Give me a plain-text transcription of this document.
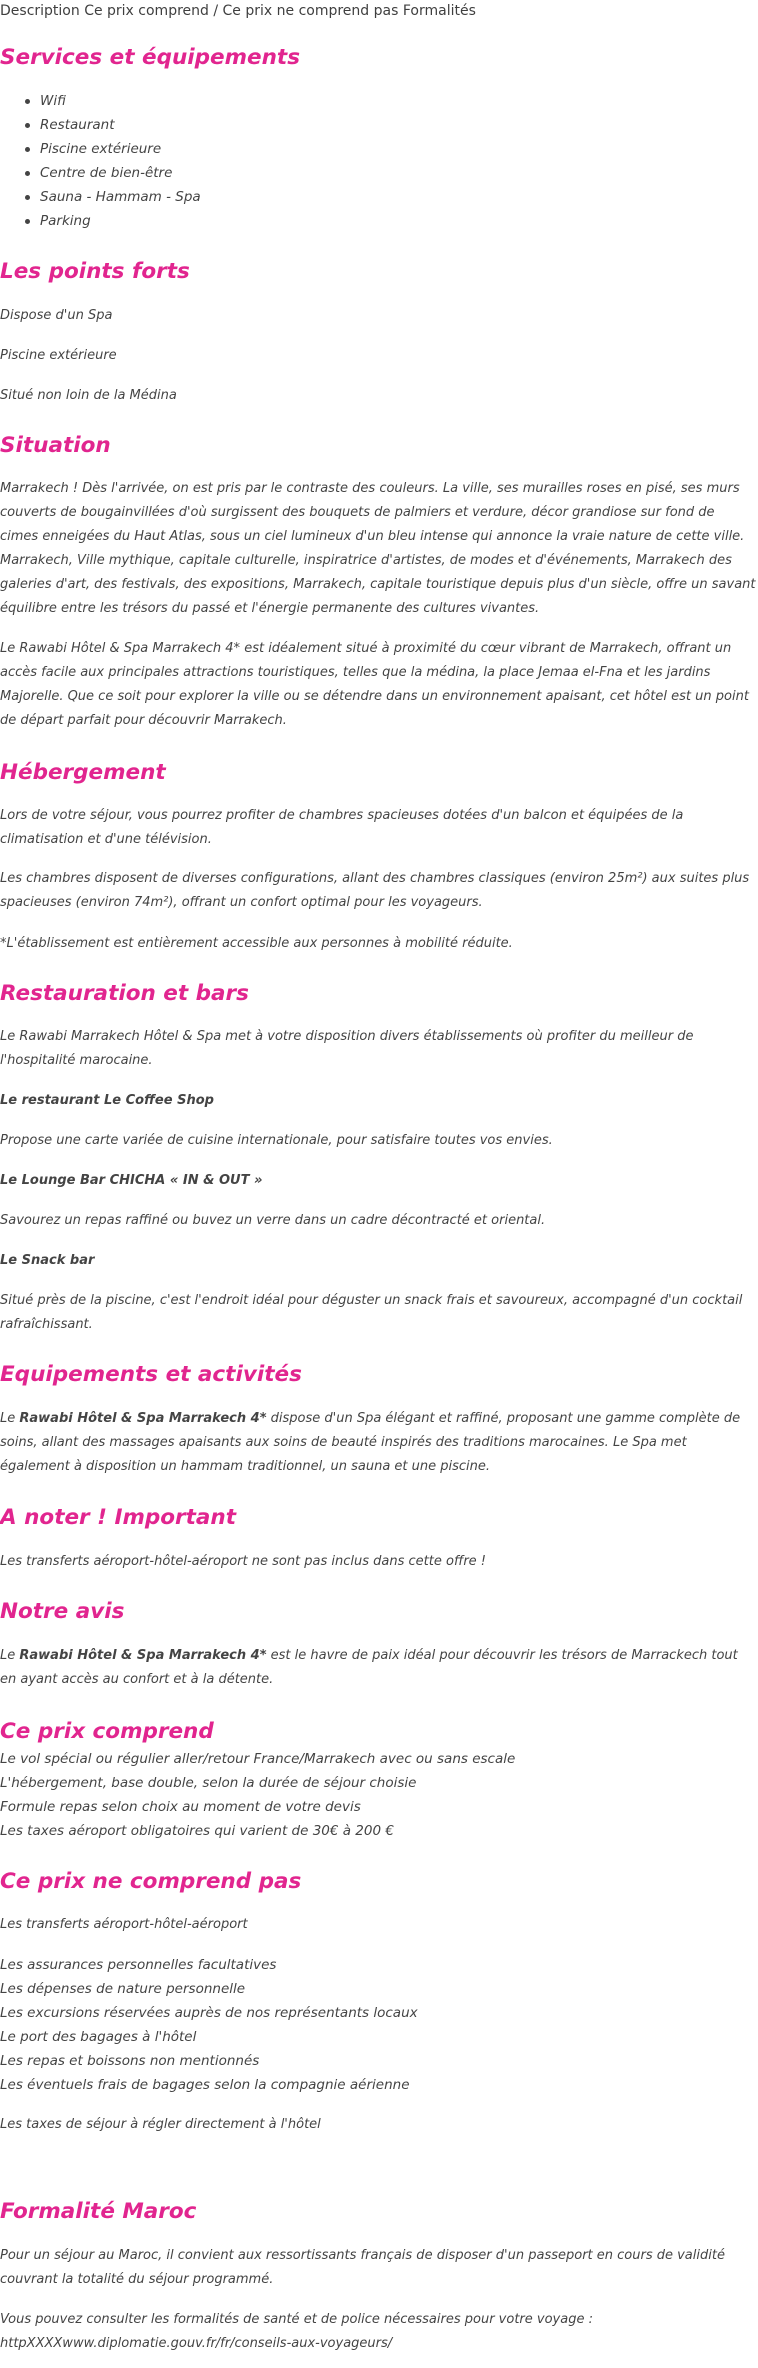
Description Ce prix comprend / Ce prix ne comprend pas Formalités
Services et équipements
Wifi
Restaurant
Piscine extérieure
Centre de bien-être
Sauna - Hammam - Spa
Parking
Les points forts

Dispose d'un Spa

Piscine extérieure

Situé non loin de la Médina

Situation

Marrakech ! Dès l'arrivée, on est pris par le contraste des couleurs. La ville, ses murailles roses en pisé, ses murs couverts de bougainvillées d'où surgissent des bouquets de palmiers et verdure, décor grandiose sur fond de cimes enneigées du Haut Atlas, sous un ciel lumineux d'un bleu intense qui annonce la vraie nature de cette ville. Marrakech, Ville mythique, capitale culturelle, inspiratrice d'artistes, de modes et d'événements, Marrakech des galeries d'art, des festivals, des expositions, Marrakech, capitale touristique depuis plus d'un siècle, offre un savant équilibre entre les trésors du passé et l'énergie permanente des cultures vivantes.

Le Rawabi Hôtel & Spa Marrakech 4* est idéalement situé à proximité du cœur vibrant de Marrakech, offrant un accès facile aux principales attractions touristiques, telles que la médina, la place Jemaa el-Fna et les jardins Majorelle. Que ce soit pour explorer la ville ou se détendre dans un environnement apaisant, cet hôtel est un point de départ parfait pour découvrir Marrakech.

Hébergement

Lors de votre séjour, vous pourrez profiter de chambres spacieuses dotées d'un balcon et équipées de la climatisation et d'une télévision.

Les chambres disposent de diverses configurations, allant des chambres classiques (environ 25m²) aux suites plus spacieuses (environ 74m²), offrant un confort optimal pour les voyageurs.

*L'établissement est entièrement accessible aux personnes à mobilité réduite.

Restauration et bars

Le Rawabi Marrakech Hôtel & Spa met à votre disposition divers établissements où profiter du meilleur de l'hospitalité marocaine.

Le restaurant Le Coffee Shop

Propose une carte variée de cuisine internationale, pour satisfaire toutes vos envies.

Le Lounge Bar CHICHA « IN & OUT »

Savourez un repas raffiné ou buvez un verre dans un cadre décontracté et oriental.

Le Snack bar

Situé près de la piscine, c'est l'endroit idéal pour déguster un snack frais et savoureux, accompagné d'un cocktail rafraîchissant.

Equipements et activités

Le Rawabi Hôtel & Spa Marrakech 4* dispose d'un Spa élégant et raffiné, proposant une gamme complète de soins, allant des massages apaisants aux soins de beauté inspirés des traditions marocaines. Le Spa met également à disposition un hammam traditionnel, un sauna et une piscine.

A noter ! Important

Les transferts aéroport-hôtel-aéroport ne sont pas inclus dans cette offre !

Notre avis

Le Rawabi Hôtel & Spa Marrakech 4* est le havre de paix idéal pour découvrir les trésors de Marrackech tout en ayant accès au confort et à la détente.

Ce prix comprend
Le vol spécial ou régulier aller/retour France/Marrakech avec ou sans escale
L'hébergement, base double, selon la durée de séjour choisie
Formule repas selon choix au moment de votre devis
Les taxes aéroport obligatoires qui varient de 30€ à 200 €
Ce prix ne comprend pas

Les transferts aéroport-hôtel-aéroport

Les assurances personnelles facultatives
Les dépenses de nature personnelle
Les excursions réservées auprès de nos représentants locaux
Le port des bagages à l'hôtel
Les repas et boissons non mentionnés
Les éventuels frais de bagages selon la compagnie aérienne

Les taxes de séjour à régler directement à l'hôtel

Formalité Maroc

Pour un séjour au Maroc, il convient aux ressortissants français de disposer d'un passeport en cours de validité couvrant la totalité du séjour programmé.

Vous pouvez consulter les formalités de santé et de police nécessaires pour votre voyage :

httpXXXXwww.diplomatie.gouv.fr/fr/conseils-aux-voyageurs/
